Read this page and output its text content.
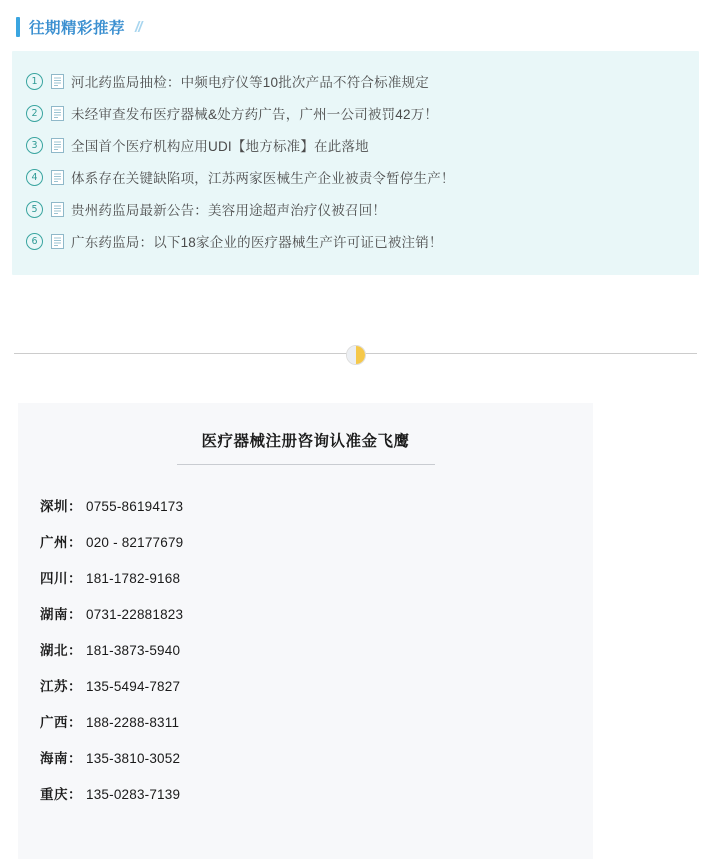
往期精彩推荐 //
1	河北药监局抽检：中频电疗仪等10批次产品不符合标准规定
2	未经审查发布医疗器械&处方药广告，广州一公司被罚42万！
3	全国首个医疗机构应用UDI【地方标准】在此落地
4	体系存在关键缺陷项，江苏两家医械生产企业被责令暂停生产！
5	贵州药监局最新公告：美容用途超声治疗仪被召回！
6	广东药监局：以下18家企业的医疗器械生产许可证已被注销！
医疗器械注册咨询认准金飞鹰
深圳： 0755-86194173
广州： 020 - 82177679
四川： 181-1782-9168
湖南： 0731-22881823
湖北： 181-3873-5940
江苏： 135-5494-7827
广西： 188-2288-8311
海南： 135-3810-3052
重庆： 135-0283-7139
